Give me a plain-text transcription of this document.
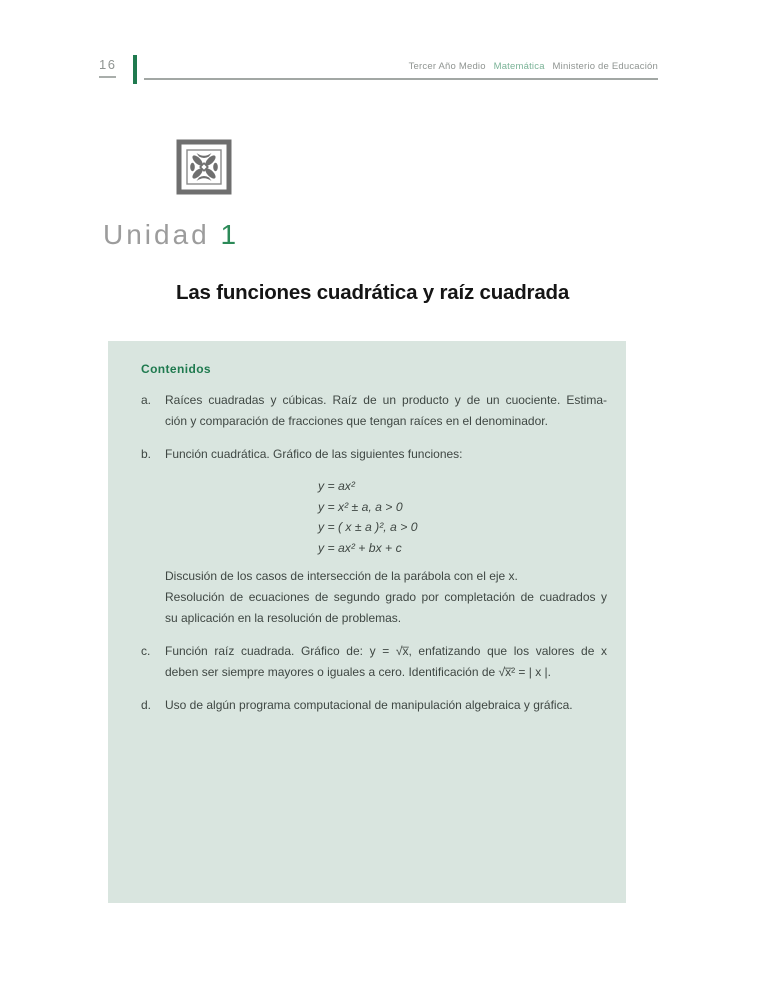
16	Tercer Año Medio Matemática Ministerio de Educación
Unidad 1
Las funciones cuadrática y raíz cuadrada
Contenidos
a.	Raíces cuadradas y cúbicas. Raíz de un producto y de un cuociente. Estima-
ción y comparación de fracciones que tengan raíces en el denominador.
b.	Función cuadrática. Gráfico de las siguientes funciones:
y = ax²
y = x² ± a, a > 0
y = ( x ± a )², a > 0
y = ax² + bx + c
Discusión de los casos de intersección de la parábola con el eje x.
Resolución de ecuaciones de segundo grado por completación de cuadrados y
su aplicación en la resolución de problemas.
c.	Función raíz cuadrada. Gráfico de: y = √x̅, enfatizando que los valores de x
deben ser siempre mayores o iguales a cero. Identificación de √x̅² = | x |.
d.	Uso de algún programa computacional de manipulación algebraica y gráfica.
